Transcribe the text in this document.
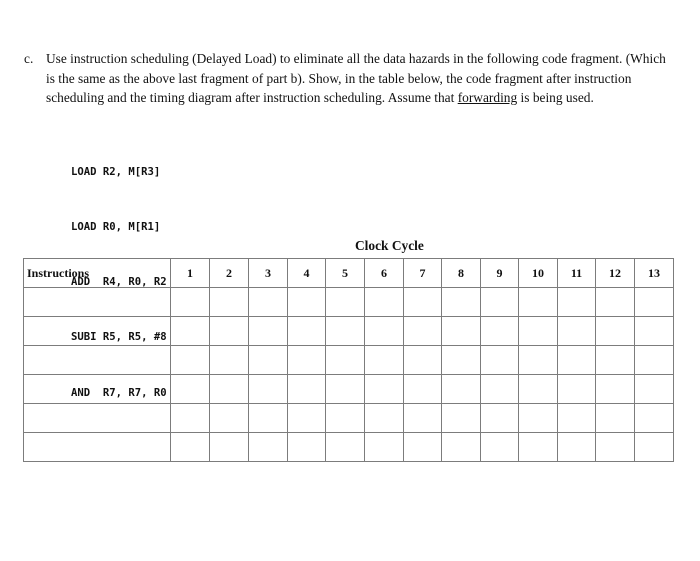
c. Use instruction scheduling (Delayed Load) to eliminate all the data hazards in the following code fragment. (Which is the same as the above last fragment of part b). Show, in the table below, the code fragment after instruction scheduling and the timing diagram after instruction scheduling. Assume that forwarding is being used.

LOAD R2, M[R3]

LOAD R0, M[R1]

ADD  R4, R0, R2

SUBI R5, R5, #8

AND  R7, R7, R0

Clock Cycle
Instructions	1	2	3	4	5	6	7	8	9	10	11	12	13
